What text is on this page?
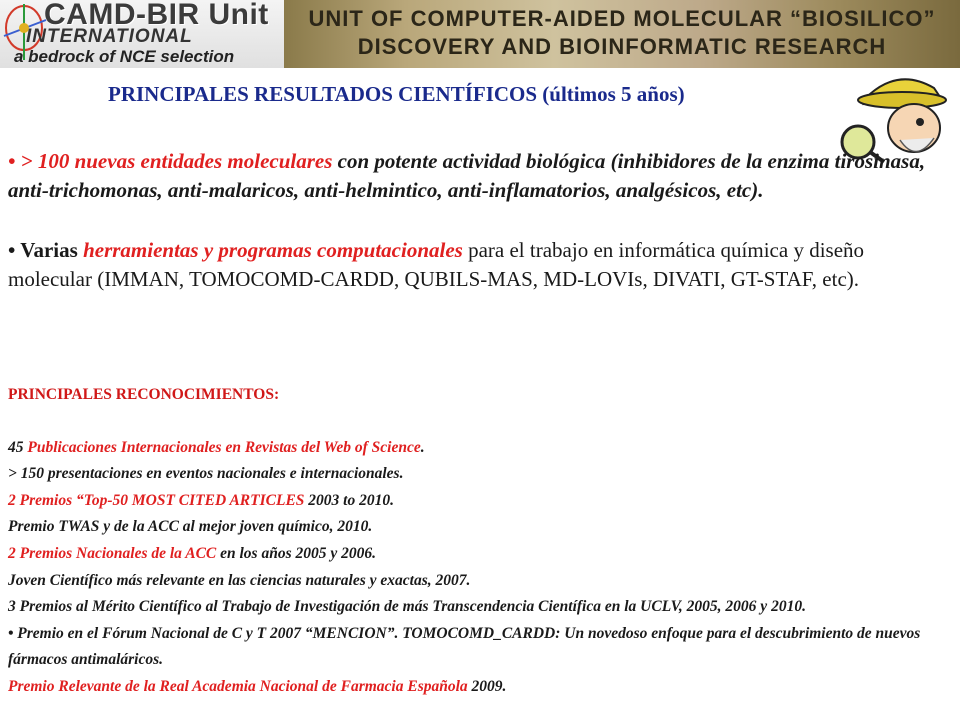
CAMD-BIR Unit
INTERNATIONAL
a bedrock of NCE selection
UNIT OF COMPUTER-AIDED MOLECULAR “BIOSILICO”
DISCOVERY AND BIOINFORMATIC RESEARCH
PRINCIPALES RESULTADOS CIENTÍFICOS (últimos 5 años)
• > 100 nuevas entidades moleculares con potente actividad biológica (inhibidores de la enzima tirosinasa, anti-trichomonas, anti-malaricos, anti-helmintico, anti-inflamatorios, analgésicos, etc).
• Varias herramientas y programas computacionales para el trabajo en informática química y diseño molecular (IMMAN, TOMOCOMD-CARDD, QUBILS-MAS, MD-LOVIs, DIVATI, GT-STAF, etc).
PRINCIPALES RECONOCIMIENTOS:
45 Publicaciones Internacionales en Revistas del Web of Science.
> 150 presentaciones en eventos nacionales e internacionales.
2 Premios “Top-50 MOST CITED ARTICLES 2003 to 2010.
Premio TWAS y de la ACC al mejor joven químico, 2010.
2 Premios Nacionales de la ACC en los años 2005 y 2006.
Joven Científico más relevante en las ciencias naturales y exactas, 2007.
3 Premios al Mérito Científico al Trabajo de Investigación de más Transcendencia Científica en la UCLV, 2005, 2006 y 2010.
• Premio en el Fórum Nacional de C y T 2007 “MENCION”. TOMOCOMD_CARDD: Un novedoso enfoque para el descubrimiento de nuevos fármacos antimaláricos.
Premio Relevante de la Real Academia Nacional de Farmacia Española 2009.
